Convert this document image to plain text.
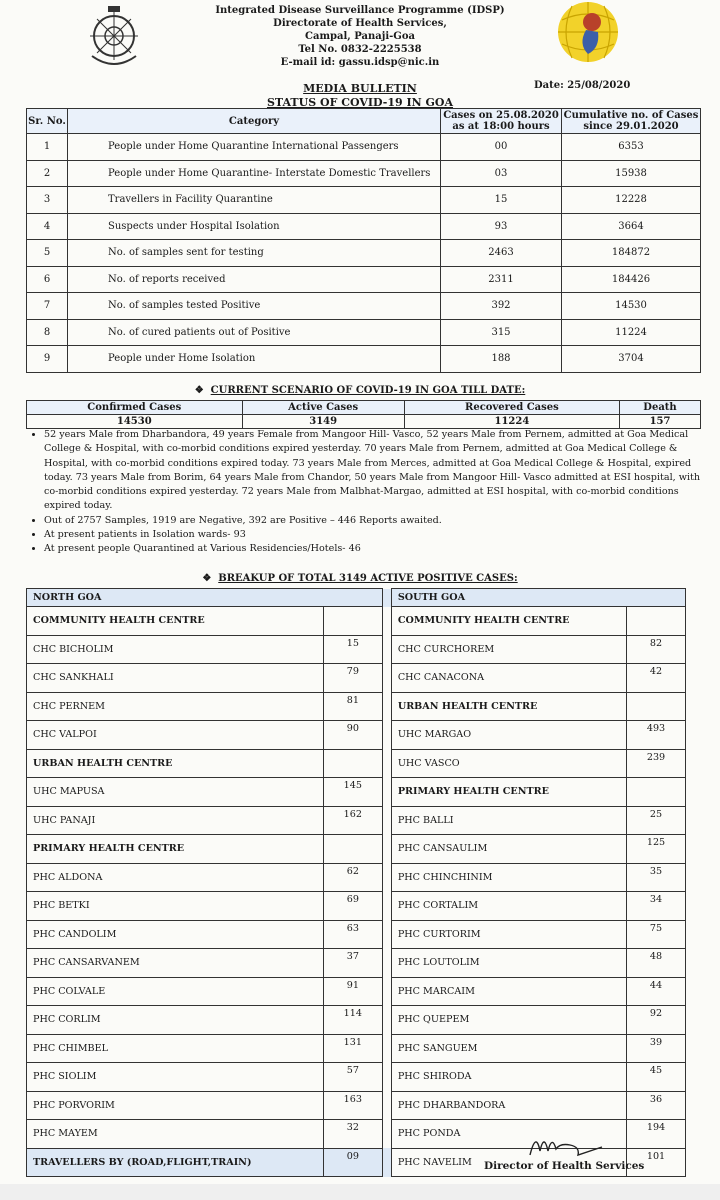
Integrated Disease Surveillance Programme (IDSP)
Directorate of Health Services,
Campal, Panaji-Goa
Tel No. 0832-2225538
E-mail id: gassu.idsp@nic.in
Date: 25/08/2020
MEDIA BULLETIN
STATUS OF COVID-19 IN GOA
Sr. No.	Category	Cases on 25.08.2020 as at 18:00 hours	Cumulative no. of Cases since 29.01.2020
1	People under Home Quarantine International Passengers	00	6353
2	People under Home Quarantine- Interstate Domestic Travellers	03	15938
3	Travellers in Facility Quarantine	15	12228
4	Suspects under Hospital Isolation	93	3664
5	No. of samples sent for testing	2463	184872
6	No. of reports received	2311	184426
7	No. of samples tested Positive	392	14530
8	No. of cured patients out of Positive	315	11224
9	People under Home Isolation	188	3704
❖  CURRENT SCENARIO OF COVID-19 IN GOA TILL DATE:
Confirmed Cases	Active Cases	Recovered Cases	Death
14530	3149	11224	157
• 52 years Male from Dharbandora, 49 years Female from Mangoor Hill- Vasco, 52 years Male from Pernem, admitted at Goa Medical College & Hospital, with co-morbid conditions expired yesterday. 70 years Male from Pernem, admitted at Goa Medical College & Hospital, with co-morbid conditions expired today. 73 years Male from Merces, admitted at Goa Medical College & Hospital, expired today. 73 years Male from Borim, 64 years Male from Chandor, 50 years Male from Mangoor Hill- Vasco admitted at ESI hospital, with co-morbid conditions expired yesterday. 72 years Male from Malbhat-Margao, admitted at ESI hospital, with co-morbid conditions expired today.
• Out of 2757 Samples, 1919 are Negative, 392 are Positive – 446 Reports awaited.
• At present patients in Isolation wards- 93
• At present people Quarantined at Various Residencies/Hotels- 46
❖  BREAKUP OF TOTAL 3149 ACTIVE POSITIVE CASES:
NORTH GOA			SOUTH GOA	
COMMUNITY HEALTH CENTRE			COMMUNITY HEALTH CENTRE	
CHC BICHOLIM	15		CHC CURCHOREM	82
CHC SANKHALI	79		CHC CANACONA	42
CHC PERNEM	81		URBAN HEALTH CENTRE	
CHC VALPOI	90		UHC MARGAO	493
URBAN HEALTH CENTRE			UHC VASCO	239
UHC MAPUSA	145		PRIMARY HEALTH CENTRE	
UHC PANAJI	162		PHC BALLI	25
PRIMARY HEALTH CENTRE			PHC CANSAULIM	125
PHC ALDONA	62		PHC CHINCHINIM	35
PHC BETKI	69		PHC CORTALIM	34
PHC CANDOLIM	63		PHC CURTORIM	75
PHC CANSARVANEM	37		PHC LOUTOLIM	48
PHC COLVALE	91		PHC MARCAIM	44
PHC CORLIM	114		PHC QUEPEM	92
PHC CHIMBEL	131		PHC SANGUEM	39
PHC SIOLIM	57		PHC SHIRODA	45
PHC PORVORIM	163		PHC DHARBANDORA	36
PHC MAYEM	32		PHC PONDA	194
TRAVELLERS BY (ROAD,FLIGHT,TRAIN)	09		PHC NAVELIM	101
Director of Health Services
